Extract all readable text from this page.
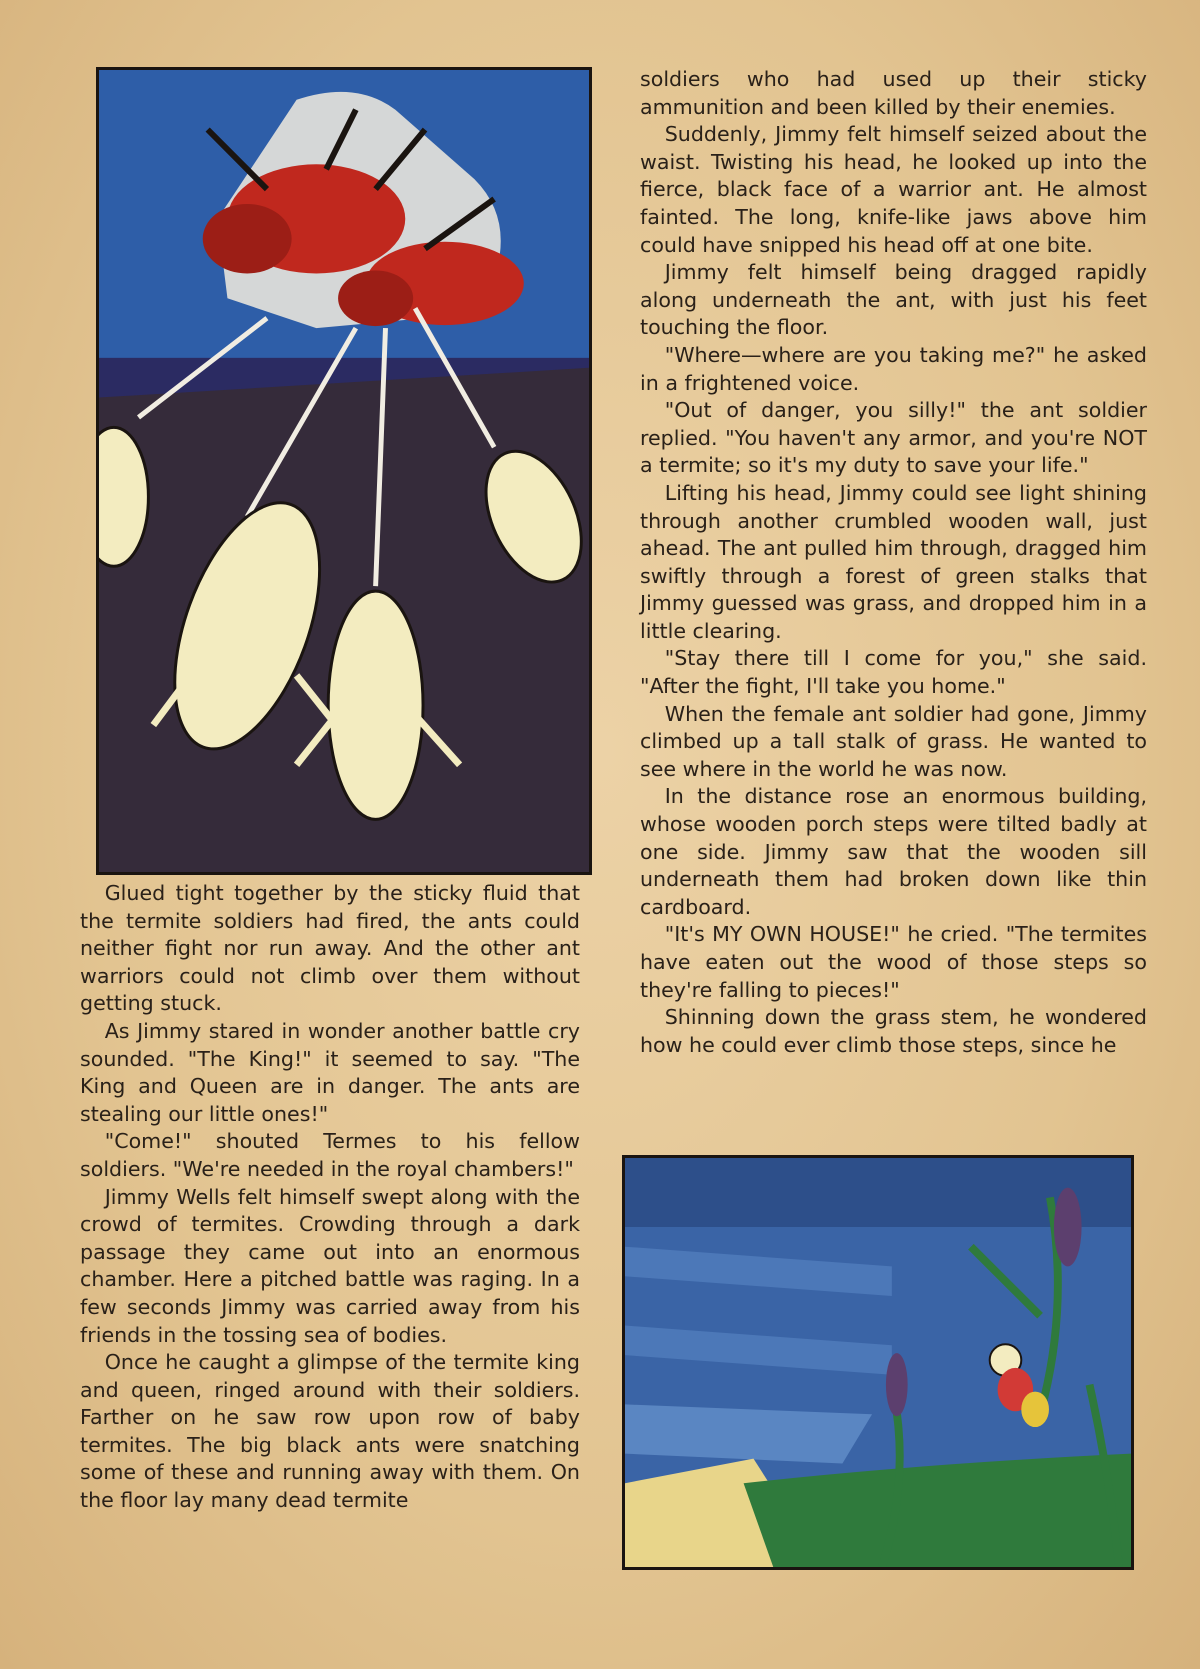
Glued tight together by the sticky fluid that the termite soldiers had fired, the ants could neither fight nor run away. And the other ant warriors could not climb over them without getting stuck.

As Jimmy stared in wonder another battle cry sounded. "The King!" it seemed to say. "The King and Queen are in danger. The ants are stealing our little ones!"

"Come!" shouted Termes to his fellow soldiers. "We're needed in the royal chambers!"

Jimmy Wells felt himself swept along with the crowd of termites. Crowding through a dark passage they came out into an enormous chamber. Here a pitched battle was raging. In a few seconds Jimmy was carried away from his friends in the tossing sea of bodies.

Once he caught a glimpse of the termite king and queen, ringed around with their soldiers. Farther on he saw row upon row of baby termites. The big black ants were snatching some of these and running away with them. On the floor lay many dead termite

soldiers who had used up their sticky ammunition and been killed by their enemies.

Suddenly, Jimmy felt himself seized about the waist. Twisting his head, he looked up into the fierce, black face of a warrior ant. He almost fainted. The long, knife-like jaws above him could have snipped his head off at one bite.

Jimmy felt himself being dragged rapidly along underneath the ant, with just his feet touching the floor.

"Where—where are you taking me?" he asked in a frightened voice.

"Out of danger, you silly!" the ant soldier replied. "You haven't any armor, and you're NOT a termite; so it's my duty to save your life."

Lifting his head, Jimmy could see light shining through another crumbled wooden wall, just ahead. The ant pulled him through, dragged him swiftly through a forest of green stalks that Jimmy guessed was grass, and dropped him in a little clearing.

"Stay there till I come for you," she said. "After the fight, I'll take you home."

When the female ant soldier had gone, Jimmy climbed up a tall stalk of grass. He wanted to see where in the world he was now.

In the distance rose an enormous building, whose wooden porch steps were tilted badly at one side. Jimmy saw that the wooden sill underneath them had broken down like thin cardboard.

"It's MY OWN HOUSE!" he cried. "The termites have eaten out the wood of those steps so they're falling to pieces!"

Shinning down the grass stem, he wondered how he could ever climb those steps, since he
